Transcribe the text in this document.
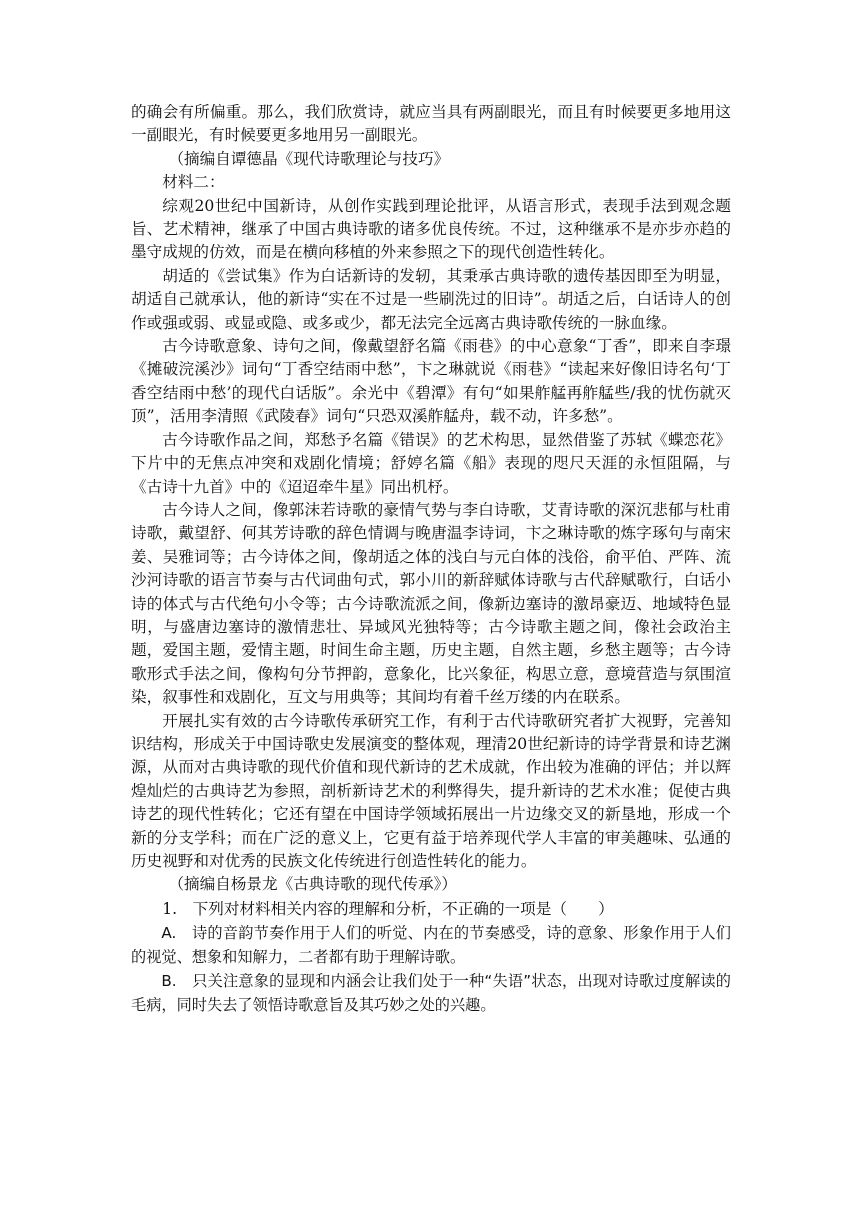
的确会有所偏重。那么，我们欣赏诗，就应当具有两副眼光，而且有时候要更多地用这一副眼光，有时候要更多地用另一副眼光。

（摘编自谭德晶《现代诗歌理论与技巧》

材料二：

综观20世纪中国新诗，从创作实践到理论批评，从语言形式，表现手法到观念题旨、艺术精神，继承了中国古典诗歌的诸多优良传统。不过，这种继承不是亦步亦趋的墨守成规的仿效，而是在横向移植的外来参照之下的现代创造性转化。

胡适的《尝试集》作为白话新诗的发轫，其秉承古典诗歌的遗传基因即至为明显，胡适自己就承认，他的新诗“实在不过是一些刷洗过的旧诗”。胡适之后，白话诗人的创作或强或弱、或显或隐、或多或少，都无法完全远离古典诗歌传统的一脉血缘。

古今诗歌意象、诗句之间，像戴望舒名篇《雨巷》的中心意象“丁香”，即来自李璟《摊破浣溪沙》词句“丁香空结雨中愁”，卞之琳就说《雨巷》“读起来好像旧诗名句‘丁香空结雨中愁’的现代白话版”。余光中《碧潭》有句“如果舴艋再舴艋些/我的忧伤就灭顶”，活用李清照《武陵春》词句“只恐双溪舴艋舟，载不动，许多愁”。

古今诗歌作品之间，郑愁予名篇《错误》的艺术构思，显然借鉴了苏轼《蝶恋花》下片中的无焦点冲突和戏剧化情境；舒婷名篇《船》表现的咫尺天涯的永恒阻隔，与《古诗十九首》中的《迢迢牵牛星》同出机杼。

古今诗人之间，像郭沫若诗歌的豪情气势与李白诗歌，艾青诗歌的深沉悲郁与杜甫诗歌，戴望舒、何其芳诗歌的辞色情调与晚唐温李诗词，卞之琳诗歌的炼字琢句与南宋姜、吴雅词等；古今诗体之间，像胡适之体的浅白与元白体的浅俗，俞平伯、严阵、流沙河诗歌的语言节奏与古代词曲句式，郭小川的新辞赋体诗歌与古代辞赋歌行，白话小诗的体式与古代绝句小令等；古今诗歌流派之间，像新边塞诗的激昂豪迈、地域特色显明，与盛唐边塞诗的激情悲壮、异域风光独特等；古今诗歌主题之间，像社会政治主题，爱国主题，爱情主题，时间生命主题，历史主题，自然主题，乡愁主题等；古今诗歌形式手法之间，像构句分节押韵，意象化，比兴象征，构思立意，意境营造与氛围渲染，叙事性和戏剧化，互文与用典等；其间均有着千丝万缕的内在联系。

开展扎实有效的古今诗歌传承研究工作，有利于古代诗歌研究者扩大视野，完善知识结构，形成关于中国诗歌史发展演变的整体观，理清20世纪新诗的诗学背景和诗艺渊源，从而对古典诗歌的现代价值和现代新诗的艺术成就，作出较为准确的评估；并以辉煌灿烂的古典诗艺为参照，剖析新诗艺术的利弊得失，提升新诗的艺术水准；促使古典诗艺的现代性转化；它还有望在中国诗学领域拓展出一片边缘交叉的新垦地，形成一个新的分支学科；而在广泛的意义上，它更有益于培养现代学人丰富的审美趣味、弘通的历史视野和对优秀的民族文化传统进行创造性转化的能力。

（摘编自杨景龙《古典诗歌的现代传承》）

1.　下列对材料相关内容的理解和分析，不正确的一项是（　　）

A.　诗的音韵节奏作用于人们的听觉、内在的节奏感受，诗的意象、形象作用于人们的视觉、想象和知解力，二者都有助于理解诗歌。

B.　只关注意象的显现和内涵会让我们处于一种“失语”状态，出现对诗歌过度解读的毛病，同时失去了领悟诗歌意旨及其巧妙之处的兴趣。
